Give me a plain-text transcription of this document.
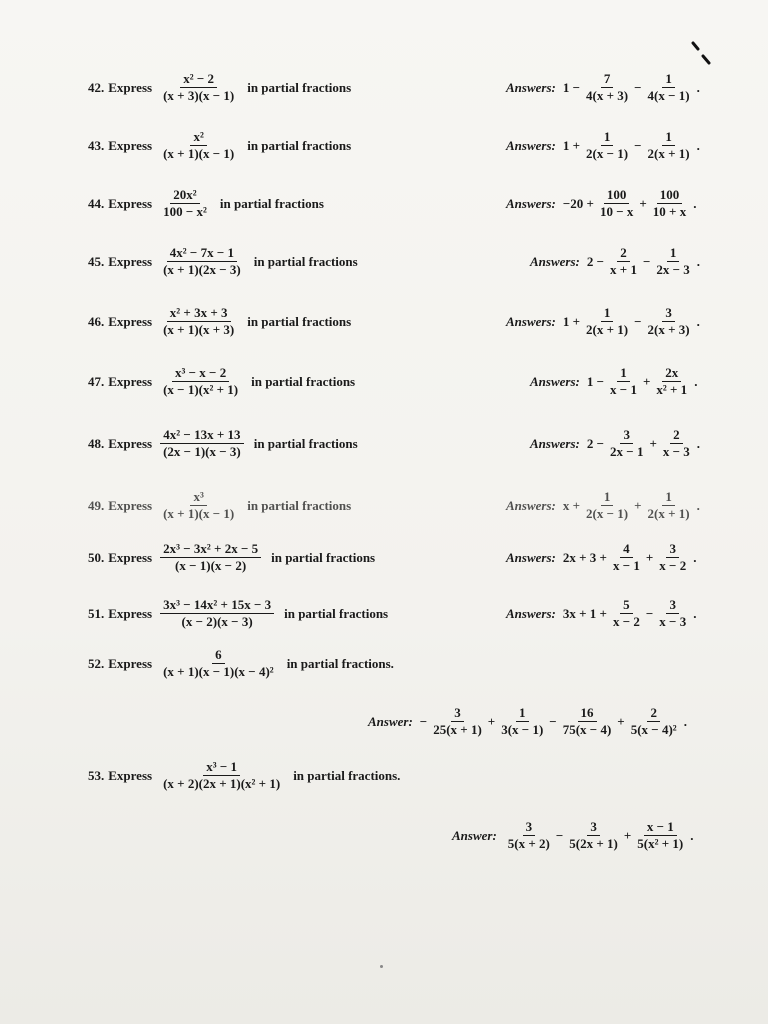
42. Express $\frac{\text{x² − 2}}{(x + 3)(x - 1)}$ in partial fractions	Answers: $1 - \frac{7}{4(x + 3)} - \frac{1}{4(x - 1)}$ .
43. Express $\frac{\text{x²}}{(x + 1)(x - 1)}$ in partial fractions	Answers: $1 + \frac{1}{2(x - 1)} - \frac{1}{2(x + 1)}$ .
44. Express $\frac{\text{20x²}}{\text{100 − x²}}$ in partial fractions	Answers: $-20 + \frac{100}{10 - x} + \frac{100}{10 + x}$ .
45. Express $\frac{\text{4x² − 7x − 1}}{(x + 1)(2x - 3)}$ in partial fractions	Answers: $2 - \frac{2}{x + 1} - \frac{1}{2x - 3}$ .
46. Express $\frac{\text{x² + 3x + 3}}{(x + 1)(x + 3)}$ in partial fractions	Answers: $1 + \frac{1}{2(x + 1)} - \frac{3}{2(x + 3)}$ .
47. Express $\frac{\text{x³ − x − 2}}{\text{(x − 1)(x² + 1)}}$ in partial fractions	Answers: $1 - \frac{1}{x - 1} + \frac{2x}{\text{x² + 1}}$ .
48. Express $\frac{\text{4x² − 13x + 13}}{(2x - 1)(x - 3)}$ in partial fractions	Answers: $2 - \frac{3}{2x - 1} + \frac{2}{x - 3}$ .
49. Express $\frac{\text{x³}}{(x + 1)(x - 1)}$ in partial fractions	Answers: $x + \frac{1}{2(x - 1)} + \frac{1}{2(x + 1)}$ .
50. Express $\frac{\text{2x³ − 3x² + 2x − 5}}{(x - 1)(x - 2)}$ in partial fractions	Answers: $2x + 3 + \frac{4}{x - 1} + \frac{3}{x - 2}$ .
51. Express $\frac{\text{3x³ − 14x² + 15x − 3}}{(x - 2)(x - 3)}$ in partial fractions	Answers: $3x + 1 + \frac{5}{x - 2} - \frac{3}{x - 3}$ .
52. Express $\frac{6}{\text{(x + 1)(x − 1)(x − 4)²}}$ in partial fractions.
Answer: − $\frac{3}{25(x + 1)} + \frac{1}{3(x - 1)} - \frac{16}{75(x - 4)} + \frac{2}{\text{5(x − 4)²}}$ .
53. Express $\frac{\text{x³ − 1}}{\text{(x + 2)(2x + 1)(x² + 1)}}$ in partial fractions.
Answer: $\frac{3}{5(x + 2)} - \frac{3}{5(2x + 1)} + \frac{x - 1}{\text{5(x² + 1)}}$ .
